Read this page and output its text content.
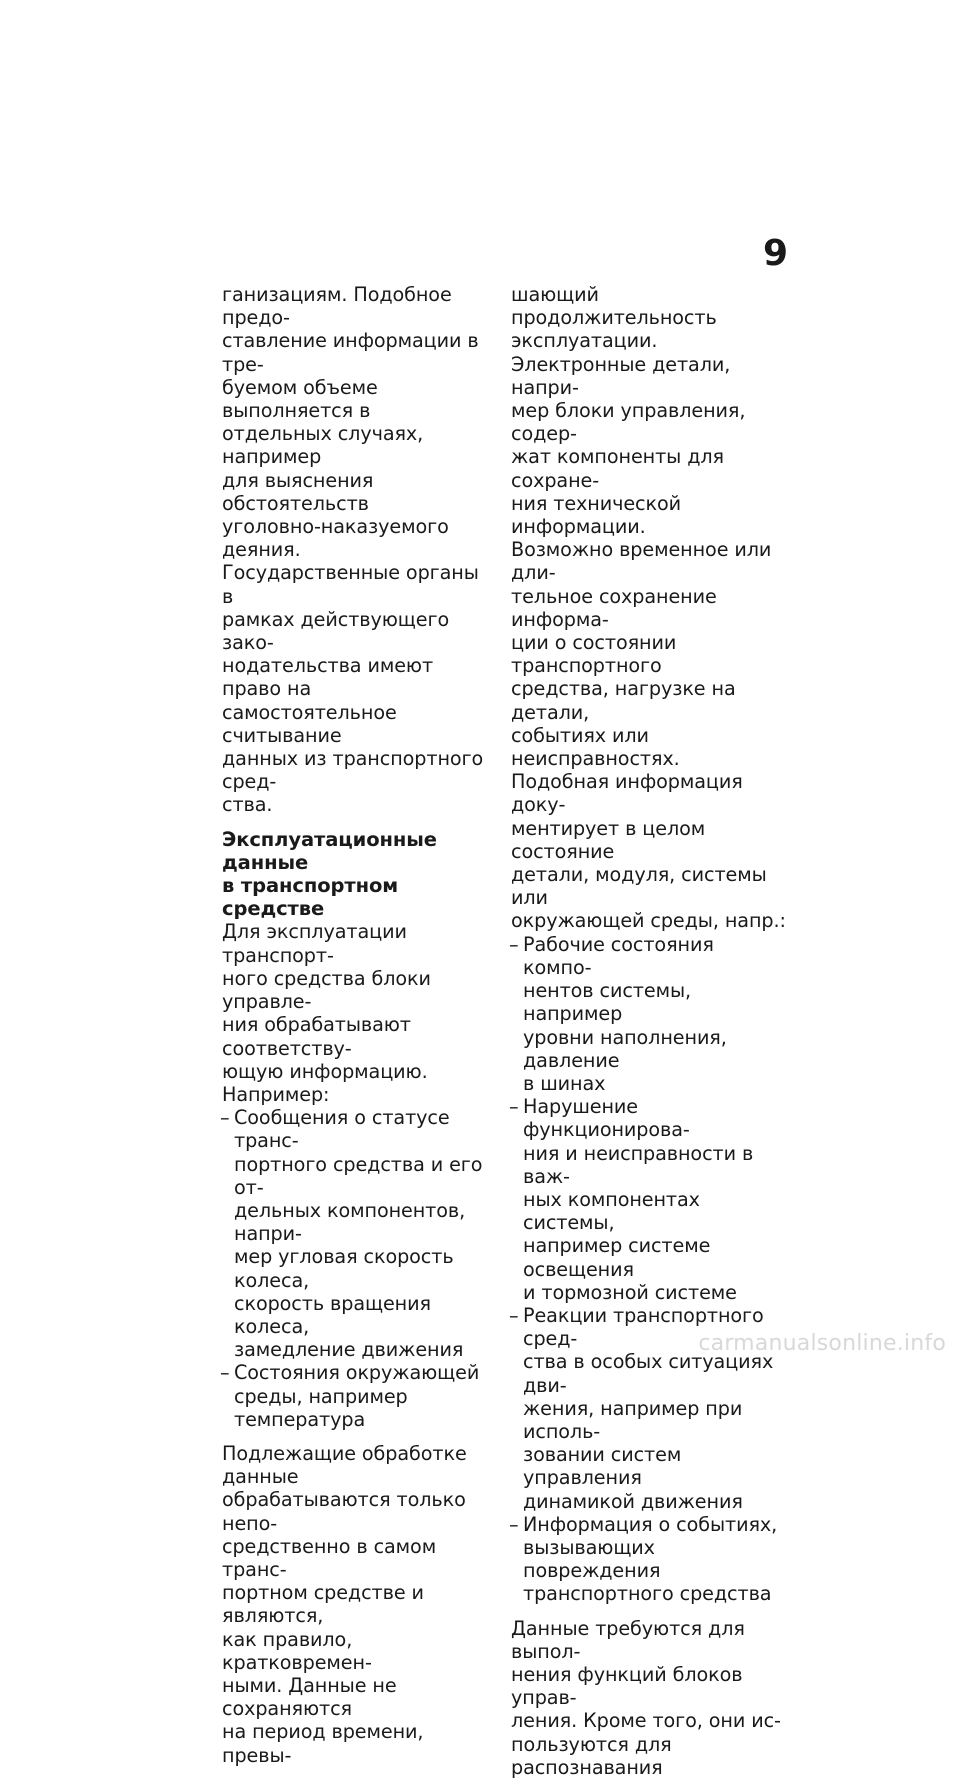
9

ганизациям. Подобное предо-
ставление информации в тре-
буемом объеме выполняется в
отдельных случаях, например
для выяснения обстоятельств
уголовно-наказуемого деяния.
Государственные органы в
рамках действующего зако-
нодательства имеют право на
самостоятельное считывание
данных из транспортного сред-
ства.

Эксплуатационные данные
в транспортном средстве

Для эксплуатации транспорт-
ного средства блоки управле-
ния обрабатывают соответству-
ющую информацию.

Например:

– Сообщения о статусе транс-
портного средства и его от-
дельных компонентов, напри-
мер угловая скорость колеса,
скорость вращения колеса,
замедление движения
– Состояния окружающей
среды, например температура

Подлежащие обработке данные
обрабатываются только непо-
средственно в самом транс-
портном средстве и являются,
как правило, кратковремен-
ными. Данные не сохраняются
на период времени, превы-

шающий продолжительность
эксплуатации.

Электронные детали, напри-
мер блоки управления, содер-
жат компоненты для сохране-
ния технической информации.
Возможно временное или дли-
тельное сохранение информа-
ции о состоянии транспортного
средства, нагрузке на детали,
событиях или неисправностях.
Подобная информация доку-
ментирует в целом состояние
детали, модуля, системы или
окружающей среды, напр.:

– Рабочие состояния компо-
нентов системы, например
уровни наполнения, давление
в шинах
– Нарушение функционирова-
ния и неисправности в важ-
ных компонентах системы,
например системе освещения
и тормозной системе
– Реакции транспортного сред-
ства в особых ситуациях дви-
жения, например при исполь-
зовании систем управления
динамикой движения
– Информация о событиях,
вызывающих повреждения
транспортного средства

Данные требуются для выпол-
нения функций блоков управ-
ления. Кроме того, они ис-
пользуются для распознавания

carmanualsonline.info
